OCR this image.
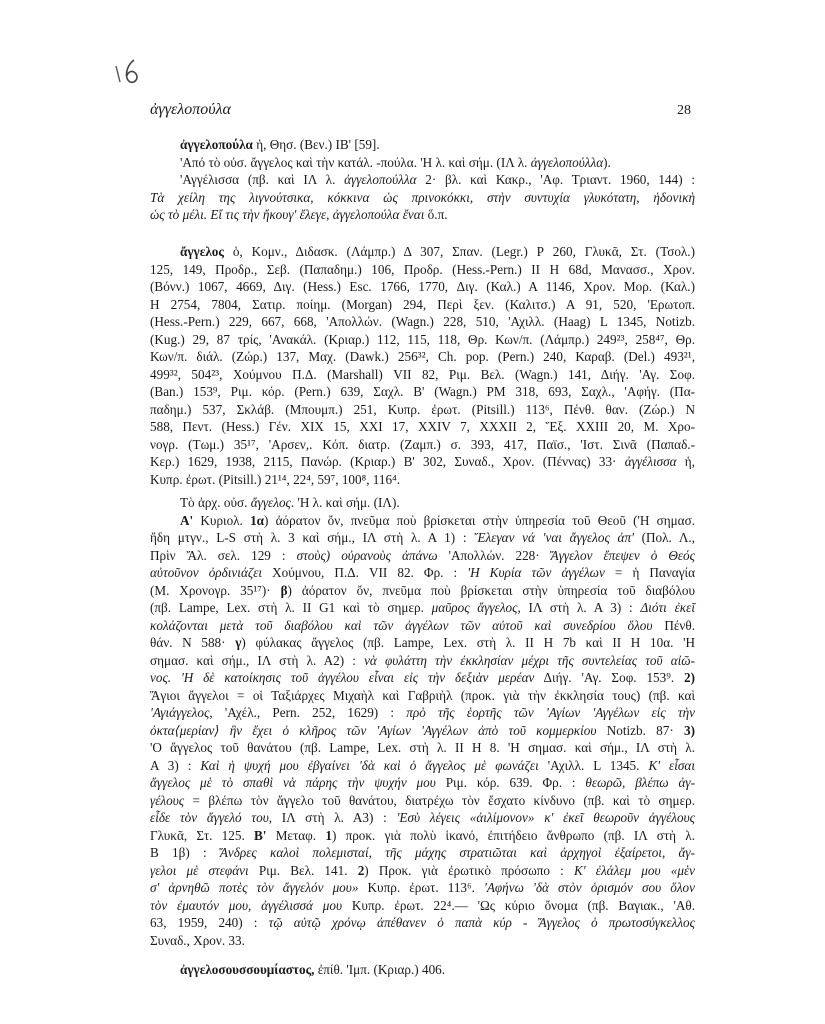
ἀγγελοπούλα	28
ἀγγελοπούλα ἡ, Θησ. (Βεν.) ΙΒ' [59].
'Από τὸ οὐσ. ἄγγελος καὶ τὴν κατάλ. -πούλα. 'Η λ. καὶ σήμ. (ΙΛ λ. ἀγγελοπούλλα).
'Αγγέλισσα (πβ. καὶ ΙΛ λ. ἀγγελοπούλλα 2· βλ. καὶ Κακρ., 'Αφ. Τριαντ. 1960, 144) :
Τὰ χείλη της λιγνούτσικα, κόκκινα ὡς πρινοκόκκι, στὴν συντυχία γλυκότατη, ἡδονικὴ
ὡς τὸ μέλι. Εἴ τις τὴν ἤκουγ' ἔλεγε, ἀγγελοπούλα ἔναι ὅ.π.
ἄγγελος ὁ, Κομν., Διδασκ. (Λάμπρ.) Δ 307, Σπαν. (Legr.) Ρ 260, Γλυκᾶ, Στ. (Τσολ.)
125, 149, Προδρ., Σεβ. (Παπαδημ.) 106, Προδρ. (Hess.-Pern.) ΙΙ Η 68d, Μανασσ., Χρον.
(Βόνν.) 1067, 4669, Διγ. (Hess.) Esc. 1766, 1770, Διγ. (Καλ.) Α 1146, Χρον. Μορ. (Καλ.)
Η 2754, 7804, Σατιρ. ποίημ. (Morgan) 294, Περὶ ξεν. (Καλιτσ.) Α 91, 520, 'Ερωτοπ.
(Hess.-Pern.) 229, 667, 668, 'Απολλών. (Wagn.) 228, 510, 'Αχιλλ. (Haag) L 1345, Notizb.
(Kug.) 29, 87 τρίς, 'Ανακάλ. (Κριαρ.) 112, 115, 118, Θρ. Κων/π. (Λάμπρ.) 249²³, 258⁴⁷, Θρ.
Κων/π. διάλ. (Ζώρ.) 137, Μαχ. (Dawk.) 256³², Ch. pop. (Pern.) 240, Καραβ. (Del.) 493²¹,
499³², 504²³, Χούμνου Π.Δ. (Marshall) VII 82, Ριμ. Βελ. (Wagn.) 141, Διήγ. 'Αγ. Σοφ.
(Ban.) 153⁹, Ριμ. κόρ. (Pern.) 639, Σαχλ. Β' (Wagn.) PM 318, 693, Σαχλ., 'Αφήγ. (Πα-
παδημ.) 537, Σκλάβ. (Μπουμπ.) 251, Κυπρ. ἐρωτ. (Pitsill.) 113⁶, Πένθ. θαν. (Ζώρ.) Ν
588, Πεντ. (Hess.) Γέν. XIX 15, XXI 17, XXIV 7, XXXII 2, Ἔξ. XXIII 20, Μ. Χρο-
νογρ. (Τωμ.) 35¹⁷, 'Αρσεν,. Κόπ. διατρ. (Ζαμπ.) σ. 393, 417, Παϊσ., 'Ιστ. Σινᾶ (Παπαδ.-
Κερ.) 1629, 1938, 2115, Πανώρ. (Κριαρ.) Β' 302, Συναδ., Χρον. (Πέννας) 33· ἀγγέλισσα ἡ,
Κυπρ. ἐρωτ. (Pitsill.) 21¹⁴, 22⁴, 59⁷, 100⁸, 116⁴.
Τὸ ἀρχ. οὐσ. ἄγγελος. 'Η λ. καὶ σήμ. (ΙΛ).
Α' Κυριολ. 1α) ἀόρατον ὄν, πνεῦμα ποὺ βρίσκεται στὴν ὑπηρεσία τοῦ Θεοῦ ('Η σημασ.
ἤδη μτγν., L-S στὴ λ. 3 καὶ σήμ., ΙΛ στὴ λ. Α 1) : Ἔλεγαν νά 'ναι ἄγγελος ἀπ' (Πολ. Λ.,
Πρὶν Ἄλ. σελ. 129 : στοὺς) οὐρανοὺς ἀπάνω 'Απολλών. 228· Ἄγγελον ἔπεψεν ὁ Θεός
αὐτοῦνον ὀρδινιάζει Χούμνου, Π.Δ. VII 82. Φρ. : 'Η Κυρία τῶν ἀγγέλων = ἡ Παναγία
(Μ. Χρονογρ. 35¹⁷)· β) ἀόρατον ὄν, πνεῦμα ποὺ βρίσκεται στὴν ὑπηρεσία τοῦ διαβόλου
(πβ. Lampe, Lex. στὴ λ. II G1 καὶ τὸ σημερ. μαῦρος ἄγγελος, ΙΛ στὴ λ. Α 3) : Διότι ἐκεῖ
κολάζονται μετὰ τοῦ διαβόλου καὶ τῶν ἀγγέλων τῶν αὐτοῦ καὶ συνεδρίου ὅλου Πένθ.
θάν. Ν 588· γ) φύλακας ἄγγελος (πβ. Lampe, Lex. στὴ λ. II H 7b καὶ II H 10α. 'Η
σημασ. καὶ σήμ., ΙΛ στὴ λ. Α2) : νὰ φυλάττη τὴν ἐκκλησίαν μέχρι τῆς συντελείας τοῦ αἰῶ-
νος. 'Η δὲ κατοίκησις τοῦ ἀγγέλου εἶναι εἰς τὴν δεξιὰν μερέαν Διήγ. 'Αγ. Σοφ. 153⁹. 2)
Ἅγιοι ἄγγελοι = οἱ Ταξιάρχες Μιχαὴλ καὶ Γαβριὴλ (προκ. γιὰ τὴν ἐκκλησία τους) (πβ. καὶ
'Αγιάγγελος, 'Αχέλ., Pern. 252, 1629) : πρὸ τῆς ἑορτῆς τῶν 'Αγίων 'Αγγέλων εἰς τὴν
ὀκτα⟨μερίαν⟩ ἣν ἔχει ὁ κλῆρος τῶν 'Αγίων 'Αγγέλων ἀπὸ τοῦ κομμερκίου Notizb. 87· 3)
'Ο ἄγγελος τοῦ θανάτου (πβ. Lampe, Lex. στὴ λ. II H 8. 'Η σημασ. καὶ σήμ., ΙΛ στὴ λ.
Α 3) : Καὶ ἡ ψυχή μου ἐβγαίνει 'δὰ καὶ ὁ ἄγγελος μὲ φωνάζει 'Αχιλλ. L 1345. Κ' εἶσαι
ἄγγελος μὲ τὸ σπαθὶ νὰ πάρης τὴν ψυχήν μου Ριμ. κόρ. 639. Φρ. : θεωρῶ, βλέπω ἀγ-
γέλους = βλέπω τὸν ἄγγελο τοῦ θανάτου, διατρέχω τὸν ἔσχατο κίνδυνο (πβ. καὶ τὸ σημερ.
εἶδε τὸν ἄγγελό του, ΙΛ στὴ λ. Α3) : 'Εσὺ λέγεις «ἀιλίμονον» κ' ἐκεῖ θεωροῦν ἀγγέλους
Γλυκᾶ, Στ. 125. Β' Μεταφ. 1) προκ. γιὰ πολὺ ἱκανό, ἐπιτήδειο ἄνθρωπο (πβ. ΙΛ στὴ λ.
Β 1β) : Ἄνδρες καλοὶ πολεμισταί, τῆς μάχης στρατιῶται καὶ ἀρχηγοὶ ἐξαίρετοι, ἄγ-
γελοι μὲ στεφάνι Ριμ. Βελ. 141. 2) Προκ. γιὰ ἐρωτικὸ πρόσωπο : Κ' ἐλάλεμ μου «μὲν
σ' ἀρνηθῶ ποτὲς τὸν ἄγγελόν μου» Κυπρ. ἐρωτ. 113⁶. 'Αφήνω 'δὰ στὸν ὁρισμόν σου ὅλον
τὸν ἐμαυτόν μου, ἀγγέλισσά μου Κυπρ. ἐρωτ. 22⁴.— 'Ως κύριο ὄνομα (πβ. Βαγιακ., 'Αθ.
63, 1959, 240) : τῷ αὐτῷ χρόνῳ ἀπέθανεν ὁ παπὰ κύρ - Ἄγγελος ὁ πρωτοσύγκελλος
Συναδ., Χρον. 33.
ἀγγελοσουσσουμίαστος, ἐπίθ. 'Ιμπ. (Κριαρ.) 406.
